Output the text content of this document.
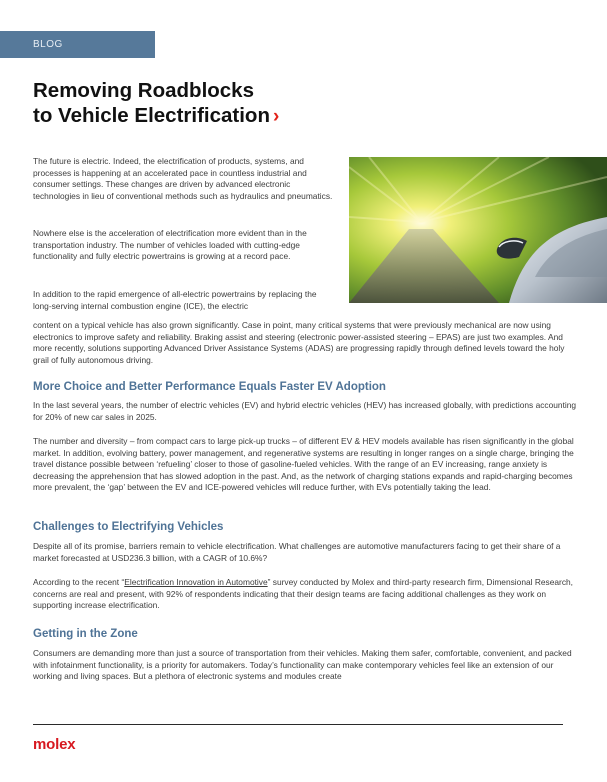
BLOG
Removing Roadblocks
to Vehicle Electrification ›
The future is electric. Indeed, the electrification of products, systems, and processes is happening at an accelerated pace in countless industrial and consumer settings. These changes are driven by advanced electronic technologies in lieu of conventional methods such as hydraulics and pneumatics.
Nowhere else is the acceleration of electrification more evident than in the transportation industry. The number of vehicles loaded with cutting-edge functionality and fully electric powertrains is growing at a record pace.
In addition to the rapid emergence of all-electric powertrains by replacing the long-serving internal combustion engine (ICE), the electric
content on a typical vehicle has also grown significantly. Case in point, many critical systems that were previously mechanical are now using electronics to improve safety and reliability. Braking assist and steering (electronic power-assisted steering – EPAS) are just two examples. And more recently, solutions supporting Advanced Driver Assistance Systems (ADAS) are progressing rapidly through defined levels toward the holy grail of fully autonomous driving.
More Choice and Better Performance Equals Faster EV Adoption
In the last several years, the number of electric vehicles (EV) and hybrid electric vehicles (HEV) has increased globally, with predictions accounting for 20% of new car sales in 2025.
The number and diversity – from compact cars to large pick-up trucks – of different EV & HEV models available has risen significantly in the global market. In addition, evolving battery, power management, and regenerative systems are resulting in longer ranges on a single charge, bringing the travel distance possible between ‘refueling’ closer to those of gasoline-fueled vehicles. With the range of an EV increasing, range anxiety is decreasing the apprehension that has slowed adoption in the past. And, as the network of charging stations expands and rapid-charging becomes more prevalent, the ‘gap’ between the EV and ICE-powered vehicles will reduce further, with EVs potentially taking the lead.
Challenges to Electrifying Vehicles
Despite all of its promise, barriers remain to vehicle electrification. What challenges are automotive manufacturers facing to get their share of a market forecasted at USD236.3 billion, with a CAGR of 10.6%?
According to the recent “Electrification Innovation in Automotive” survey conducted by Molex and third-party research firm, Dimensional Research, concerns are real and present, with 92% of respondents indicating that their design teams are facing additional challenges as they work on supporting increase electrification.
Getting in the Zone
Consumers are demanding more than just a source of transportation from their vehicles. Making them safer, comfortable, convenient, and packed with infotainment functionality, is a priority for automakers. Today’s functionality can make contemporary vehicles feel like an extension of our working and living spaces. But a plethora of electronic systems and modules create
molex
